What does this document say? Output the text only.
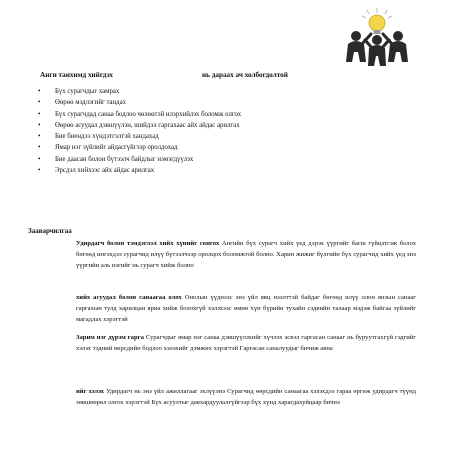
Анги танхимд хийгдэх	нь дараах ач холбогдолтой
• Бүх сурагчдыг хамрах
• Өөрөө мэдлэгийг тандах
• Бүх сурагчдад санаа бодлоо чөлөөтэй илэрхийлэх боломж олгох
• Өөрөө асуудал дэвшүүлэн, шийдэл гаргахаас айх айдас арилгах
• Бие биендээ хүндэтгэлтэй хандахад
• Ямар нэг зүйлийг айдасгүйгээр оролдохад
• Бие даасан болон бүтээлч байдлыг нэмэгдүүлэх
• Эрсдэл хийхээс айх айдас арилгах
Зааварчилгаа
Удирдагч болон тэмдэглэл хийх хүнийг сонгох Ангийн бүх сурагч хийх үед дэрэх үүргийг багш гүйцэтгэж болох бөгөөд ингэхдээ сурагчид илүү бүтээлчээр оролцох боломжтой болно. Харин жижиг бүлгийн бүх сурагчид хийх үед энэ үүргийн аль нэгийг нь сурагч хийж болно
хийх асуудал болон санаагаа олох Онолын үүднээс энэ үйл явц нээлттэй байдаг бөгөөд илүү олон янзын санааг гаргахын тулд харилцан яриа хийж болохгүй хэлэхээс өмнө хүн бүрийн тухайн сэдвийн талаар мэдэж байгаа зүйлийг магадлах хэрэгтэй
Зарим нэг дүрэм гарга Сурагчдыг ямар нэг санаа дэвшүүлэхийг хүчлэх эсвэл гаргасан санааг нь буруутгахгүй гэдгийг хэлэх тэдний өөрсдийн бодлоо хэлэхийг дэмжих хэрэгтэй Гаргасан саналуудыг бичиж авна
ийг хэлэх Удирдагч нь энэ үйл ажиллагааг эхлүүлнэ Сурагчид өөрсдийн санаагаа хэлэхдээ гараа өргөж удирдагч түүнд зөвшөөрөл олгох хэрэгтэй Бүх асуултыг давхардуулалгүйгээр бүх хүнд харагдахуйцаар бичнэ
